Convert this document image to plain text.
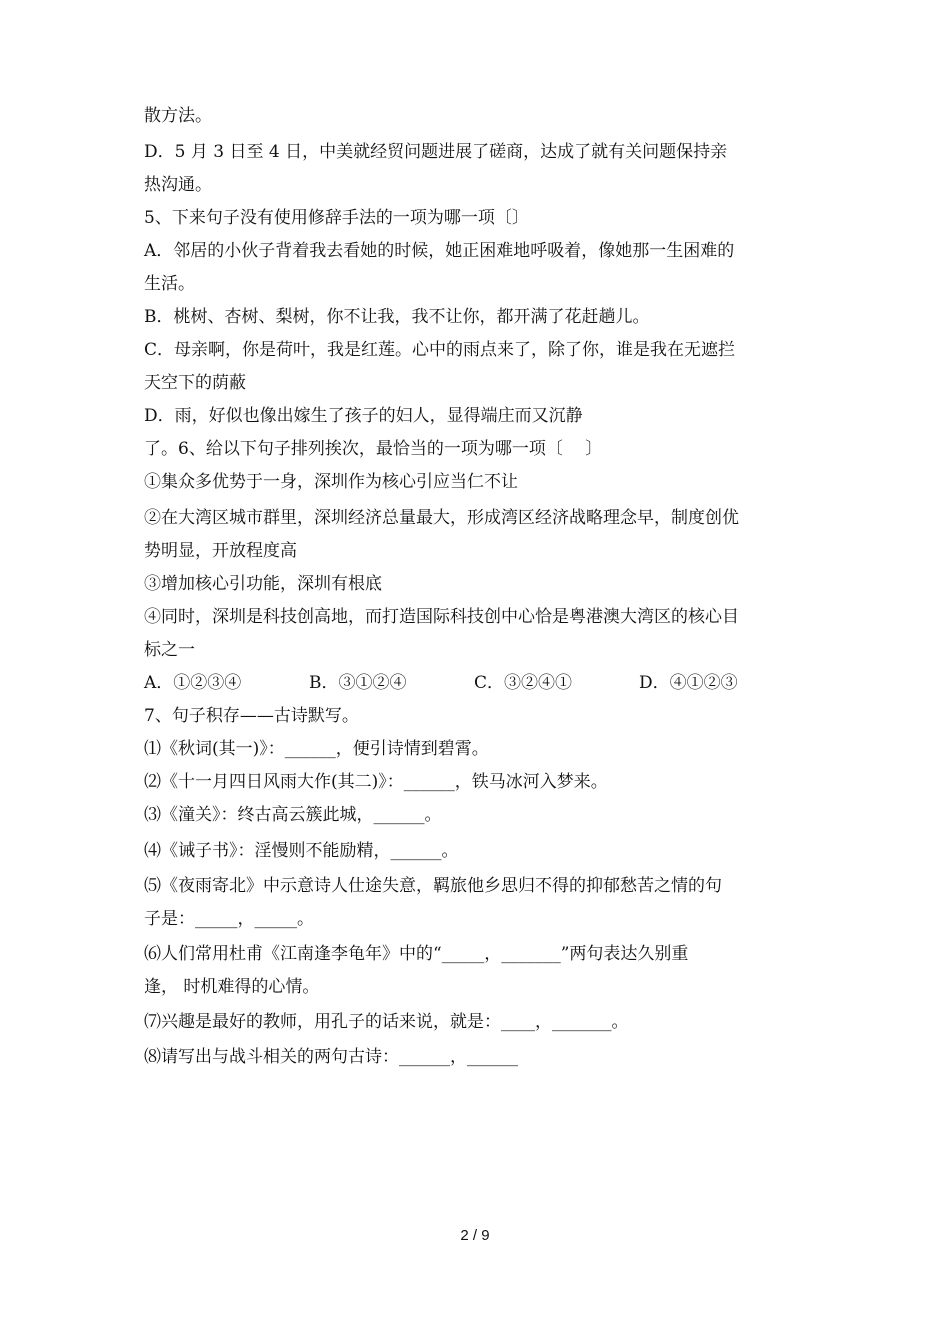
散方法。

D．5 月 3 日至 4 日，中美就经贸问题进展了磋商，达成了就有关问题保持亲

热沟通。

5、下来句子没有使用修辞手法的一项为哪一项〔〕

A．邻居的小伙子背着我去看她的时候，她正困难地呼吸着，像她那一生困难的

生活。

B．桃树、杏树、梨树，你不让我，我不让你，都开满了花赶趟儿。

C．母亲啊，你是荷叶，我是红莲。心中的雨点来了，除了你，谁是我在无遮拦

天空下的荫蔽

D．雨，好似也像出嫁生了孩子的妇人，显得端庄而又沉静

了。6、给以下句子排列挨次，最恰当的一项为哪一项〔　 〕

①集众多优势于一身，深圳作为核心引应当仁不让

②在大湾区城市群里，深圳经济总量最大，形成湾区经济战略理念早，制度创优

势明显，开放程度高

③增加核心引功能，深圳有根底

④同时，深圳是科技创高地，而打造国际科技创中心恰是粤港澳大湾区的核心目

标之一

A．①②③④	B．③①②④	C．③②④①	D．④①②③

7、句子积存——古诗默写。

⑴《秋词(其一)》：______，便引诗情到碧霄。

⑵《十一月四日风雨大作(其二)》：______，铁马冰河入梦来。

⑶《潼关》：终古高云簇此城，______。

⑷《诫子书》：淫慢则不能励精，______。

⑸《夜雨寄北》中示意诗人仕途失意，羁旅他乡思归不得的抑郁愁苦之情的句

子是：_____，_____。

⑹人们常用杜甫《江南逢李龟年》中的“_____，_______”两句表达久别重

逢， 时机难得的心情。

⑺兴趣是最好的教师，用孔子的话来说，就是：____，_______。

⑻请写出与战斗相关的两句古诗：______，______

2 / 9
